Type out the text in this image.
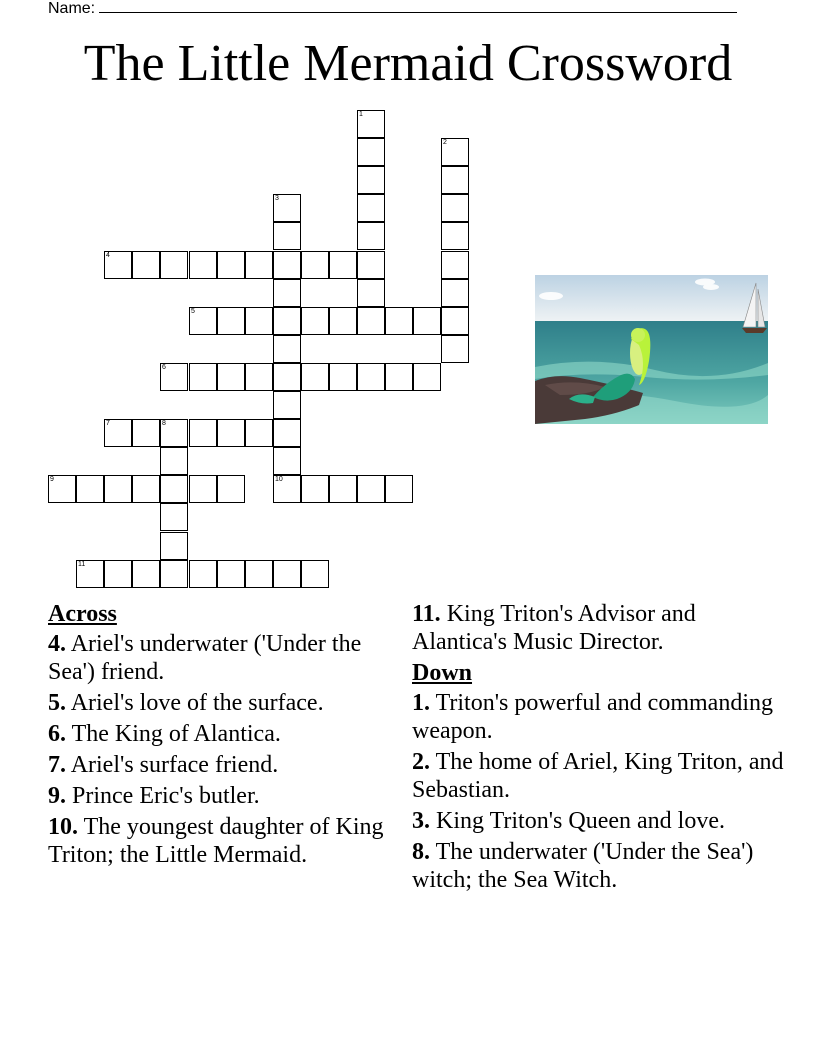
Name:
The Little Mermaid Crossword
1
2
3
10
4
5
6
7	8
9
11
Across
4. Ariel's underwater ('Under the Sea') friend.
5. Ariel's love of the surface.
6. The King of Alantica.
7. Ariel's surface friend.
9. Prince Eric's butler.
10. The youngest daughter of King Triton; the Little Mermaid.
11. King Triton's Advisor and Alantica's Music Director.
Down
1. Triton's powerful and commanding weapon.
2. The home of Ariel, King Triton, and Sebastian.
3. King Triton's Queen and love.
8. The underwater ('Under the Sea') witch; the Sea Witch.
